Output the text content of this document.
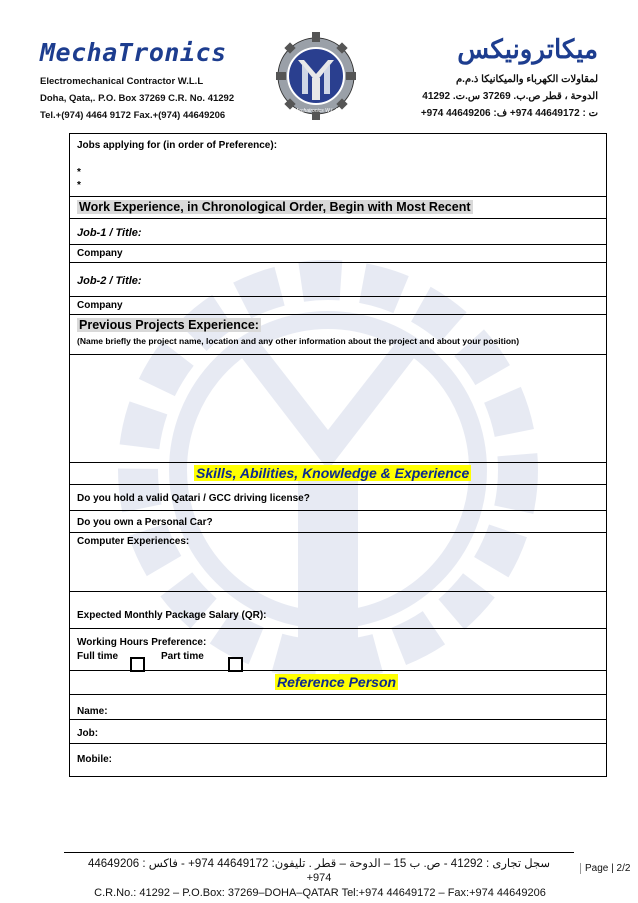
MechaTronics
Electromechanical Contractor W.L.L
Doha, Qata,. P.O. Box 37269 C.R. No. 41292
Tel.+(974) 4464 9172 Fax.+(974) 44649206	Mechatronics W.L.L
ميكاترونيكس
لمقاولات الكهرباء والميكانيكا ذ.م.م
الدوحة ، قطر ص.ب. 37269 س.ت. 41292
ت : 44649172 974+ ف: 44649206 974+
Jobs applying for (in order of Preference):
*
*
Work Experience, in Chronological Order, Begin with Most Recent
Job-1 / Title:
Company
Job-2 / Title:
Company
Previous Projects Experience:
(Name briefly the project name, location and any other information about the project and about your position)
Skills, Abilities, Knowledge & Experience
Do you hold a valid Qatari / GCC driving license?
Do you own a Personal Car?
Computer Experiences:
Expected Monthly Package Salary (QR):
Working Hours Preference:
Full time	Part time
Reference Person
Name:
Job:
Mobile:
سجل تجارى : 41292 - ص. ب 15 – الدوحة – قطر . تليفون: 44649172 974+ - فاكس : 44649206
+974
C.R.No.: 41292 – P.O.Box: 37269–DOHA–QATAR Tel:+974 44649172 – Fax:+974 44649206
Page | 2/2
